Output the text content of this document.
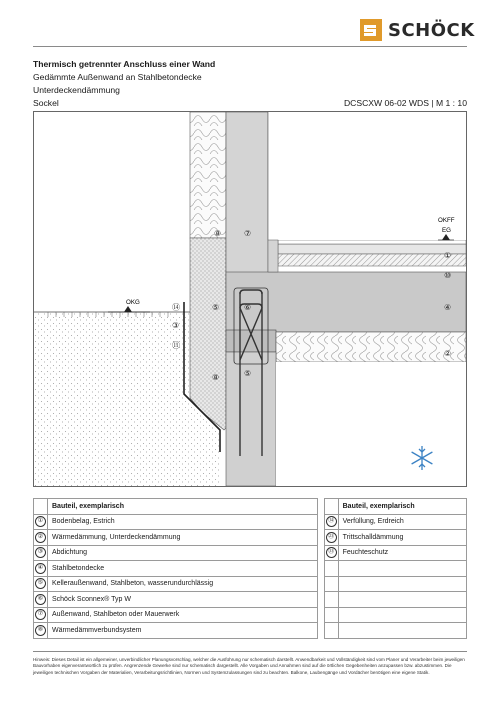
SCHÖCK
Thermisch getrennter Anschluss einer Wand
Gedämmte Außenwand an Stahlbetondecke
Unterdeckendämmung
Sockel	DCSCXW 06-02 WDS | M 1 : 10
OKG
OKFF
EG
①
⑩
④
②
⑧	⑦
⑥
⑤
③
⑪
⑭
⑧
⑤
	Bauteil, exemplarisch			Bauteil, exemplarisch
①	Bodenbelag, Estrich		⑭	Verfüllung, Erdreich
②	Wärmedämmung, Unterdeckendämmung		㉓	Trittschalldämmung
③	Abdichtung		㉝	Feuchteschutz
④	Stahlbetondecke			
⑤	Kelleraußenwand, Stahlbeton, wasserundurchlässig			
⑥	Schöck Sconnex® Typ W			
⑦	Außenwand, Stahlbeton oder Mauerwerk			
⑧	Wärmedämmverbundsystem			
Hinweis: Dieses Detail ist ein allgemeiner, unverbindlicher Planungsvorschlag, welcher die Ausführung nur schematisch darstellt. Anwendbarkeit und Vollständigkeit sind vom Planer und Verarbeiter beim jeweiligen Bauvorhaben eigenverantwortlich zu prüfen. Angrenzende Gewerke sind nur schematisch dargestellt. Alle Vorgaben und Annahmen sind auf die örtlichen Gegebenheiten anzupassen bzw. abzustimmen. Die jeweiligen technischen Vorgaben der Materialien, Verarbeitungsrichtlinien, Normen und Systemzulassungen sind zu beachten. Balkone, Laubengänge und Vordächer benötigen eine eigene Statik.
